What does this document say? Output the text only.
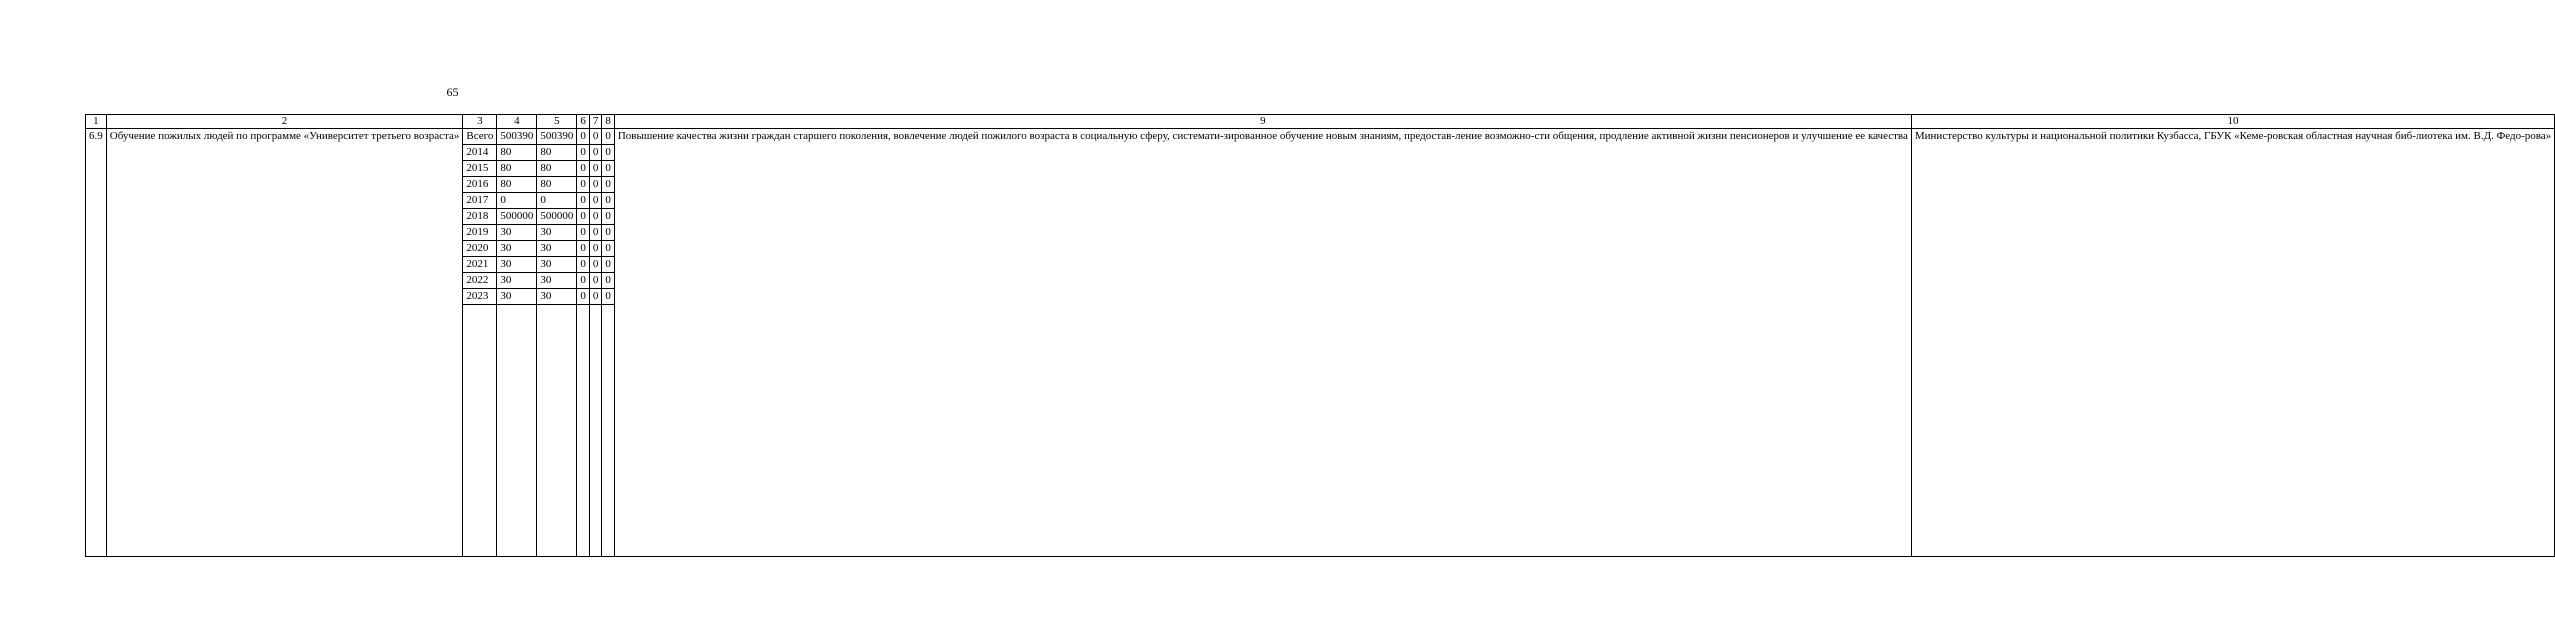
65
1	2	3	4	5	6	7	8	9	10
6.9	Обучение пожилых людей по программе «Университет третьего возраста»	Всего	500390	500390	0	0	0	Повышение качества жизни граждан старшего поколения, вовлечение людей пожилого возраста в социальную сферу, системати-зированное обучение новым знаниям, предостав-ление возможно-сти общения, продление активной жизни пенсионеров и улучшение ее качества	Министерство культуры и национальной политики Кузбасса, ГБУК «Кеме-ровская областная научная биб-лиотека им. В.Д. Федо-рова»
		2014	80	80	0	0	0		
		2015	80	80	0	0	0		
		2016	80	80	0	0	0		
		2017	0	0	0	0	0		
		2018	500000	500000	0	0	0		
		2019	30	30	0	0	0		
		2020	30	30	0	0	0		
		2021	30	30	0	0	0		
		2022	30	30	0	0	0		
		2023	30	30	0	0	0		
